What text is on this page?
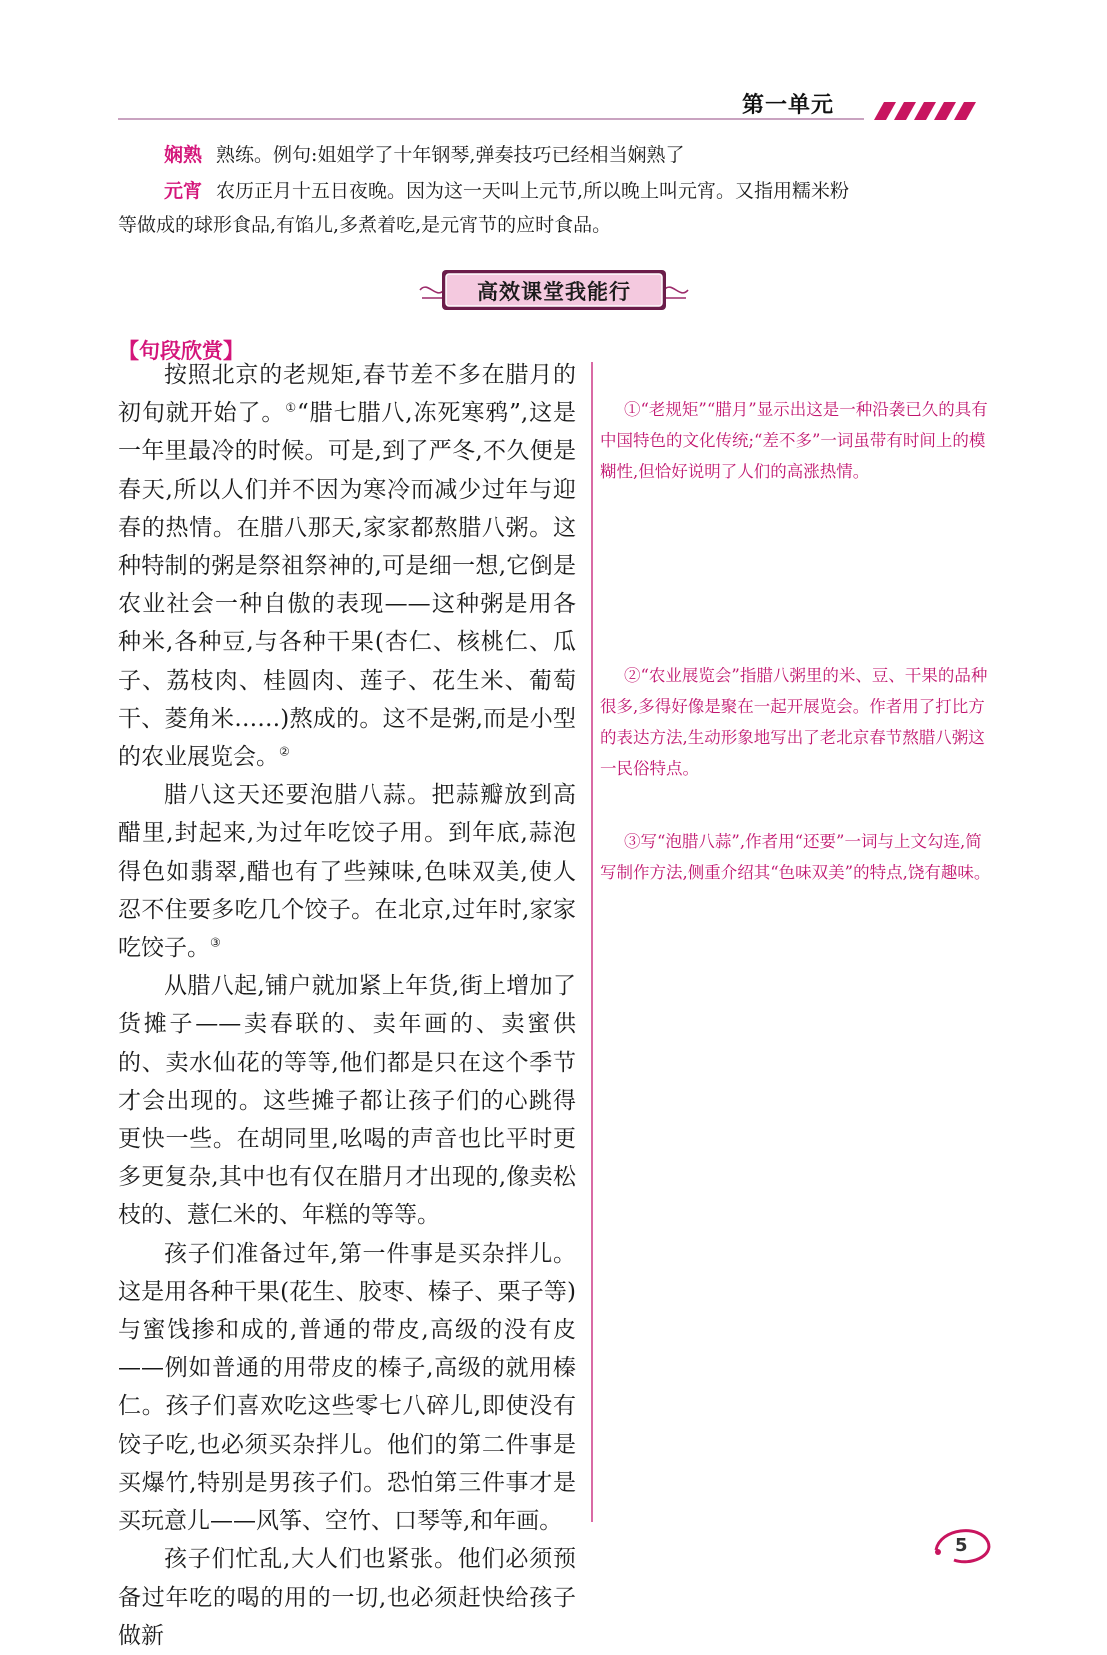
第一单元

娴熟 熟练。例句:姐姐学了十年钢琴,弹奏技巧已经相当娴熟了

元宵 农历正月十五日夜晚。因为这一天叫上元节,所以晚上叫元宵。又指用糯米粉

等做成的球形食品,有馅儿,多煮着吃,是元宵节的应时食品。

高效课堂我能行
【句段欣赏】

按照北京的老规矩,春节差不多在腊月的初旬就开始了。①“腊七腊八,冻死寒鸦”,这是一年里最冷的时候。可是,到了严冬,不久便是春天,所以人们并不因为寒冷而减少过年与迎春的热情。在腊八那天,家家都熬腊八粥。这种特制的粥是祭祖祭神的,可是细一想,它倒是农业社会一种自傲的表现——这种粥是用各种米,各种豆,与各种干果(杏仁、核桃仁、瓜子、荔枝肉、桂圆肉、莲子、花生米、葡萄干、菱角米……)熬成的。这不是粥,而是小型的农业展览会。②

腊八这天还要泡腊八蒜。把蒜瓣放到高醋里,封起来,为过年吃饺子用。到年底,蒜泡得色如翡翠,醋也有了些辣味,色味双美,使人忍不住要多吃几个饺子。在北京,过年时,家家吃饺子。③

从腊八起,铺户就加紧上年货,街上增加了货摊子——卖春联的、卖年画的、卖蜜供的、卖水仙花的等等,他们都是只在这个季节才会出现的。这些摊子都让孩子们的心跳得更快一些。在胡同里,吆喝的声音也比平时更多更复杂,其中也有仅在腊月才出现的,像卖松枝的、薏仁米的、年糕的等等。

孩子们准备过年,第一件事是买杂拌儿。这是用各种干果(花生、胶枣、榛子、栗子等)与蜜饯掺和成的,普通的带皮,高级的没有皮——例如普通的用带皮的榛子,高级的就用榛仁。孩子们喜欢吃这些零七八碎儿,即使没有饺子吃,也必须买杂拌儿。他们的第二件事是买爆竹,特别是男孩子们。恐怕第三件事才是买玩意儿——风筝、空竹、口琴等,和年画。

孩子们忙乱,大人们也紧张。他们必须预备过年吃的喝的用的一切,也必须赶快给孩子做新

①“老规矩”“腊月”显示出这是一种沿袭已久的具有中国特色的文化传统;“差不多”一词虽带有时间上的模糊性,但恰好说明了人们的高涨热情。
②“农业展览会”指腊八粥里的米、豆、干果的品种很多,多得好像是聚在一起开展览会。作者用了打比方的表达方法,生动形象地写出了老北京春节熬腊八粥这一民俗特点。
③写“泡腊八蒜”,作者用“还要”一词与上文勾连,简写制作方法,侧重介绍其“色味双美”的特点,饶有趣味。
5
